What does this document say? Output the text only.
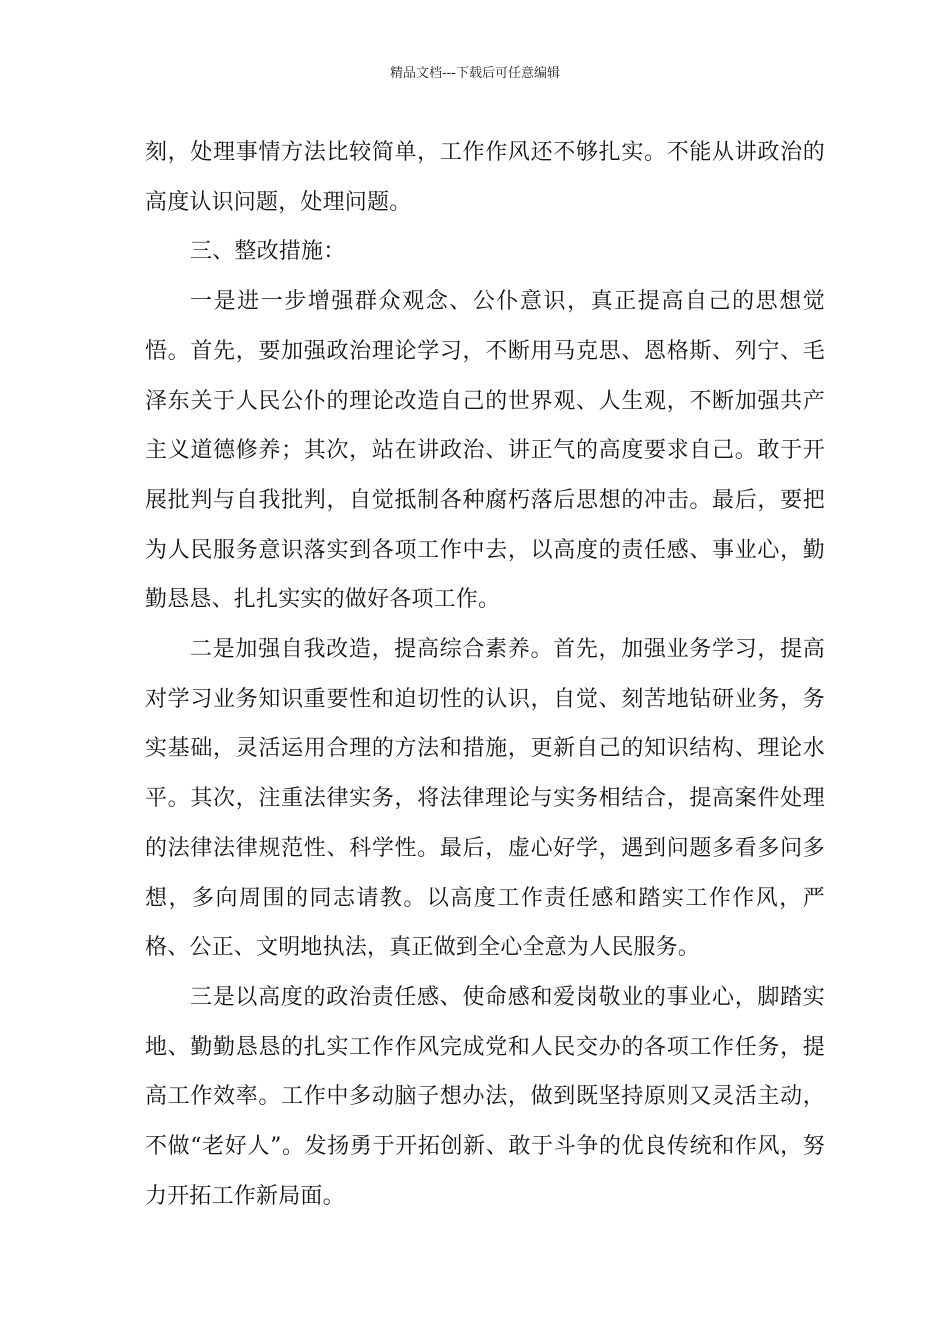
精品文档---下载后可任意编辑

刻，处理事情方法比较简单，工作作风还不够扎实。不能从讲政治的高度认识问题，处理问题。

三、整改措施：

一是进一步增强群众观念、公仆意识，真正提高自己的思想觉悟。首先，要加强政治理论学习，不断用马克思、恩格斯、列宁、毛泽东关于人民公仆的理论改造自己的世界观、人生观，不断加强共产主义道德修养；其次，站在讲政治、讲正气的高度要求自己。敢于开展批判与自我批判，自觉抵制各种腐朽落后思想的冲击。最后，要把为人民服务意识落实到各项工作中去，以高度的责任感、事业心，勤勤恳恳、扎扎实实的做好各项工作。

二是加强自我改造，提高综合素养。首先，加强业务学习，提高对学习业务知识重要性和迫切性的认识，自觉、刻苦地钻研业务，务实基础，灵活运用合理的方法和措施，更新自己的知识结构、理论水平。其次，注重法律实务，将法律理论与实务相结合，提高案件处理的法律法律规范性、科学性。最后，虚心好学，遇到问题多看多问多想，多向周围的同志请教。以高度工作责任感和踏实工作作风，严格、公正、文明地执法，真正做到全心全意为人民服务。

三是以高度的政治责任感、使命感和爱岗敬业的事业心，脚踏实地、勤勤恳恳的扎实工作作风完成党和人民交办的各项工作任务，提高工作效率。工作中多动脑子想办法，做到既坚持原则又灵活主动，不做“老好人”。发扬勇于开拓创新、敢于斗争的优良传统和作风，努力开拓工作新局面。
